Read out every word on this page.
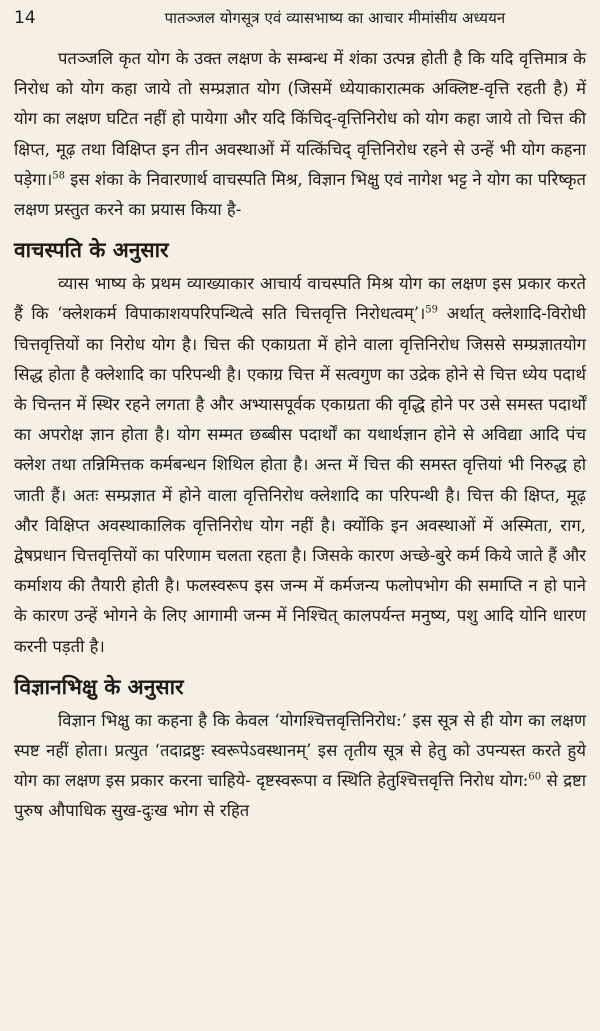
14	पातञ्जल योगसूत्र एवं व्यासभाष्य का आचार मीमांसीय अध्ययन

पतञ्जलि कृत योग के उक्त लक्षण के सम्बन्ध में शंका उत्पन्न होती है कि यदि वृत्तिमात्र के निरोध को योग कहा जाये तो सम्प्रज्ञात योग (जिसमें ध्येयाकारात्मक अक्लिष्ट-वृत्ति रहती है) में योग का लक्षण घटित नहीं हो पायेगा और यदि किंचिद्-वृत्तिनिरोध को योग कहा जाये तो चित्त की क्षिप्त, मूढ़ तथा विक्षिप्त इन तीन अवस्थाओं में यत्किंचिद् वृत्तिनिरोध रहने से उन्हें भी योग कहना पड़ेगा।$^{58}$ इस शंका के निवारणार्थ वाचस्पति मिश्र, विज्ञान भिक्षु एवं नागेश भट्ट ने योग का परिष्कृत लक्षण प्रस्तुत करने का प्रयास किया है-

वाचस्पति के अनुसार

व्यास भाष्य के प्रथम व्याख्याकार आचार्य वाचस्पति मिश्र योग का लक्षण इस प्रकार करते हैं कि ‘क्लेशकर्म विपाकाशयपरिपन्थित्वे सति चित्तवृत्ति निरोधत्वम्’।$^{59}$ अर्थात् क्लेशादि-विरोधी चित्तवृत्तियों का निरोध योग है। चित्त की एकाग्रता में होने वाला वृत्तिनिरोध जिससे सम्प्रज्ञातयोग सिद्ध होता है क्लेशादि का परिपन्थी है। एकाग्र चित्त में सत्वगुण का उद्रेक होने से चित्त ध्येय पदार्थ के चिन्तन में स्थिर रहने लगता है और अभ्यासपूर्वक एकाग्रता की वृद्धि होने पर उसे समस्त पदार्थों का अपरोक्ष ज्ञान होता है। योग सम्मत छब्बीस पदार्थों का यथार्थज्ञान होने से अविद्या आदि पंच क्लेश तथा तन्निमित्तक कर्मबन्धन शिथिल होता है। अन्त में चित्त की समस्त वृत्तियां भी निरुद्ध हो जाती हैं। अतः सम्प्रज्ञात में होने वाला वृत्तिनिरोध क्लेशादि का परिपन्थी है। चित्त की क्षिप्त, मूढ़ और विक्षिप्त अवस्थाकालिक वृत्तिनिरोध योग नहीं है। क्योंकि इन अवस्थाओं में अस्मिता, राग, द्वेषप्रधान चित्तवृत्तियों का परिणाम चलता रहता है। जिसके कारण अच्छे-बुरे कर्म किये जाते हैं और कर्माशय की तैयारी होती है। फलस्वरूप इस जन्म में कर्मजन्य फलोपभोग की समाप्ति न हो पाने के कारण उन्हें भोगने के लिए आगामी जन्म में निश्चित् कालपर्यन्त मनुष्य, पशु आदि योनि धारण करनी पड़ती है।

विज्ञानभिक्षु के अनुसार

विज्ञान भिक्षु का कहना है कि केवल ‘योगश्चित्तवृत्तिनिरोध:’ इस सूत्र से ही योग का लक्षण स्पष्ट नहीं होता। प्रत्युत ‘तदाद्रष्टुः स्वरूपेऽवस्थानम्’ इस तृतीय सूत्र से हेतु को उपन्यस्त करते हुये योग का लक्षण इस प्रकार करना चाहिये- दृष्टस्वरूपा व स्थिति हेतुश्चित्तवृत्ति निरोध योग:$^{60}$ से द्रष्टा पुरुष औपाधिक सुख-दुःख भोग से रहित
